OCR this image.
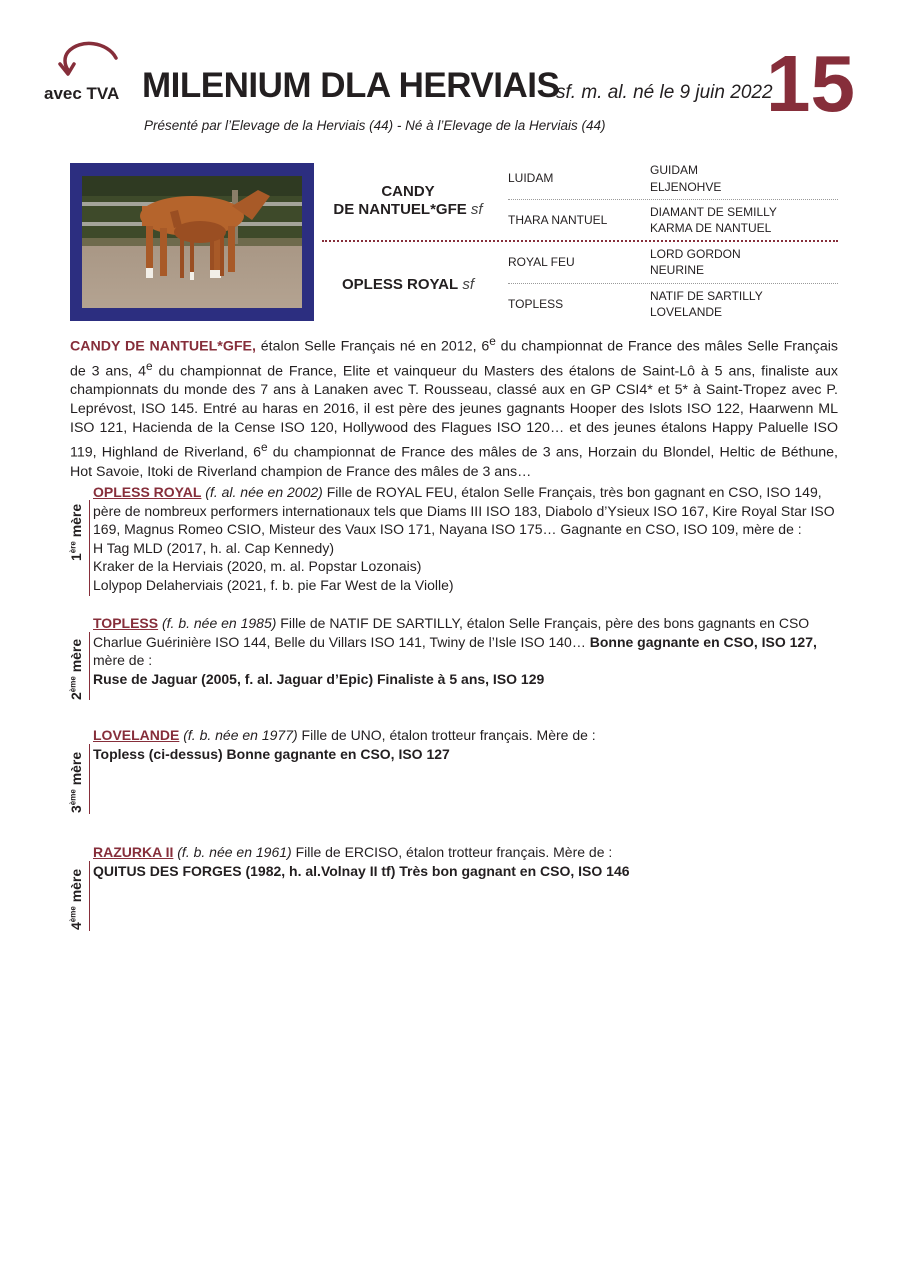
avec TVA MILENIUM DLA HERVIAIS
sf. m. al. né le 9 juin 2022
15
Présenté par l’Elevage de la Herviais (44) - Né à l’Elevage de la Herviais (44)
CANDY
DE NANTUEL*GFE sf
OPLESS ROYAL sf
LUIDAM
THARA NANTUEL
ROYAL FEU
TOPLESS
GUIDAM
ELJENOHVE
DIAMANT DE SEMILLY
KARMA DE NANTUEL
LORD GORDON
NEURINE
NATIF DE SARTILLY
LOVELANDE
CANDY DE NANTUEL*GFE, étalon Selle Français né en 2012, 6e du championnat de France des mâles Selle Français de 3 ans, 4e du championnat de France, Elite et vainqueur du Masters des étalons de Saint-Lô à 5 ans, finaliste aux championnats du monde des 7 ans à Lanaken avec T. Rousseau, classé aux en GP CSI4* et 5* à Saint-Tropez avec P. Leprévost, ISO 145. Entré au haras en 2016, il est père des jeunes gagnants Hooper des Islots ISO 122, Haarwenn ML ISO 121, Hacienda de la Cense ISO 120, Hollywood des Flagues ISO 120… et des jeunes étalons Happy Paluelle ISO 119, Highland de Riverland, 6e du championnat de France des mâles de 3 ans, Horzain du Blondel, Heltic de Béthune, Hot Savoie, Itoki de Riverland champion de France des mâles de 3 ans…
1ère mère
OPLESS ROYAL (f. al. née en 2002) Fille de ROYAL FEU, étalon Selle Français, très bon gagnant en CSO, ISO 149, père de nombreux performers internationaux tels que Diams III ISO 183, Diabolo d’Ysieux ISO 167, Kire Royal Star ISO 169, Magnus Romeo CSIO, Misteur des Vaux ISO 171, Nayana ISO 175… Gagnante en CSO, ISO 109, mère de :
H Tag MLD (2017, h. al. Cap Kennedy)
Kraker de la Herviais (2020, m. al. Popstar Lozonais)
Lolypop Delaherviais (2021, f. b. pie Far West de la Violle)
2ème mère
TOPLESS (f. b. née en 1985) Fille de NATIF DE SARTILLY, étalon Selle Français, père des bons gagnants en CSO Charlue Guérinière ISO 144, Belle du Villars ISO 141, Twiny de l’Isle ISO 140… Bonne gagnante en CSO, ISO 127, mère de :
Ruse de Jaguar (2005, f. al. Jaguar d’Epic) Finaliste à 5 ans, ISO 129
3ème mère
LOVELANDE (f. b. née en 1977) Fille de UNO, étalon trotteur français. Mère de :
Topless (ci-dessus) Bonne gagnante en CSO, ISO 127
4ème mère
RAZURKA II (f. b. née en 1961) Fille de ERCISO, étalon trotteur français. Mère de :
QUITUS DES FORGES (1982, h. al.Volnay II tf) Très bon gagnant en CSO, ISO 146
